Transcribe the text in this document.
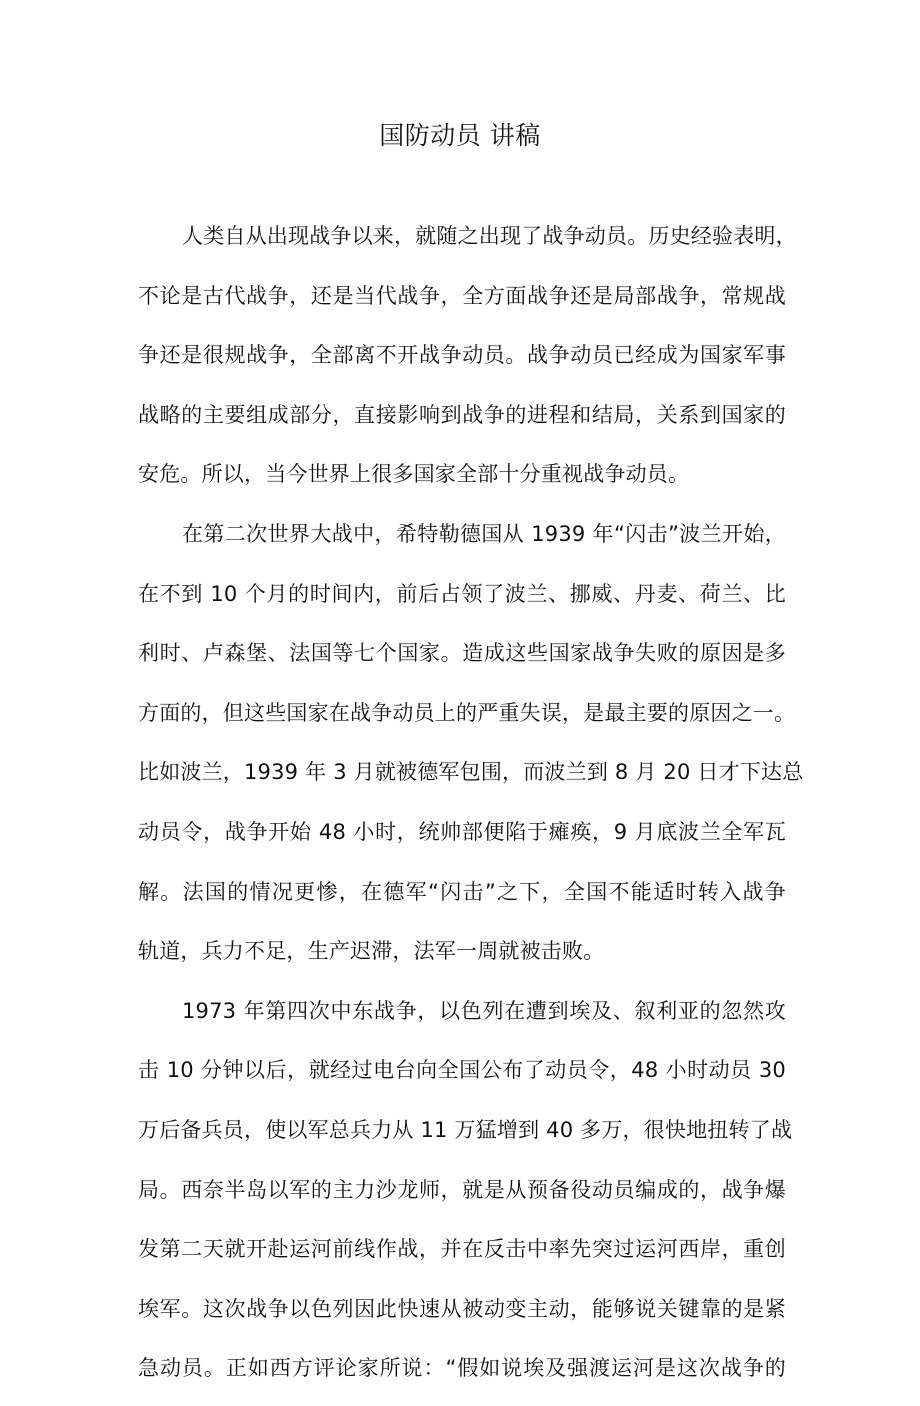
国防动员 讲稿
人类自从出现战争以来，就随之出现了战争动员。历史经验表明，
不论是古代战争，还是当代战争，全方面战争还是局部战争，常规战
争还是很规战争，全部离不开战争动员。战争动员已经成为国家军事
战略的主要组成部分，直接影响到战争的进程和结局，关系到国家的
安危。所以，当今世界上很多国家全部十分重视战争动员。
在第二次世界大战中，希特勒德国从 1939 年“闪击”波兰开始，
在不到 10 个月的时间内，前后占领了波兰、挪威、丹麦、荷兰、比
利时、卢森堡、法国等七个国家。造成这些国家战争失败的原因是多
方面的，但这些国家在战争动员上的严重失误，是最主要的原因之一。
比如波兰，1939 年 3 月就被德军包围，而波兰到 8 月 20 日才下达总
动员令，战争开始 48 小时，统帅部便陷于瘫痪，9 月底波兰全军瓦
解。法国的情况更惨，在德军“闪击”之下，全国不能适时转入战争
轨道，兵力不足，生产迟滞，法军一周就被击败。
1973 年第四次中东战争，以色列在遭到埃及、叙利亚的忽然攻
击 10 分钟以后，就经过电台向全国公布了动员令，48 小时动员 30
万后备兵员，使以军总兵力从 11 万猛增到 40 多万，很快地扭转了战
局。西奈半岛以军的主力沙龙师，就是从预备役动员编成的，战争爆
发第二天就开赴运河前线作战，并在反击中率先突过运河西岸，重创
埃军。这次战争以色列因此快速从被动变主动，能够说关键靠的是紧
急动员。正如西方评论家所说：“假如说埃及强渡运河是这次战争的
